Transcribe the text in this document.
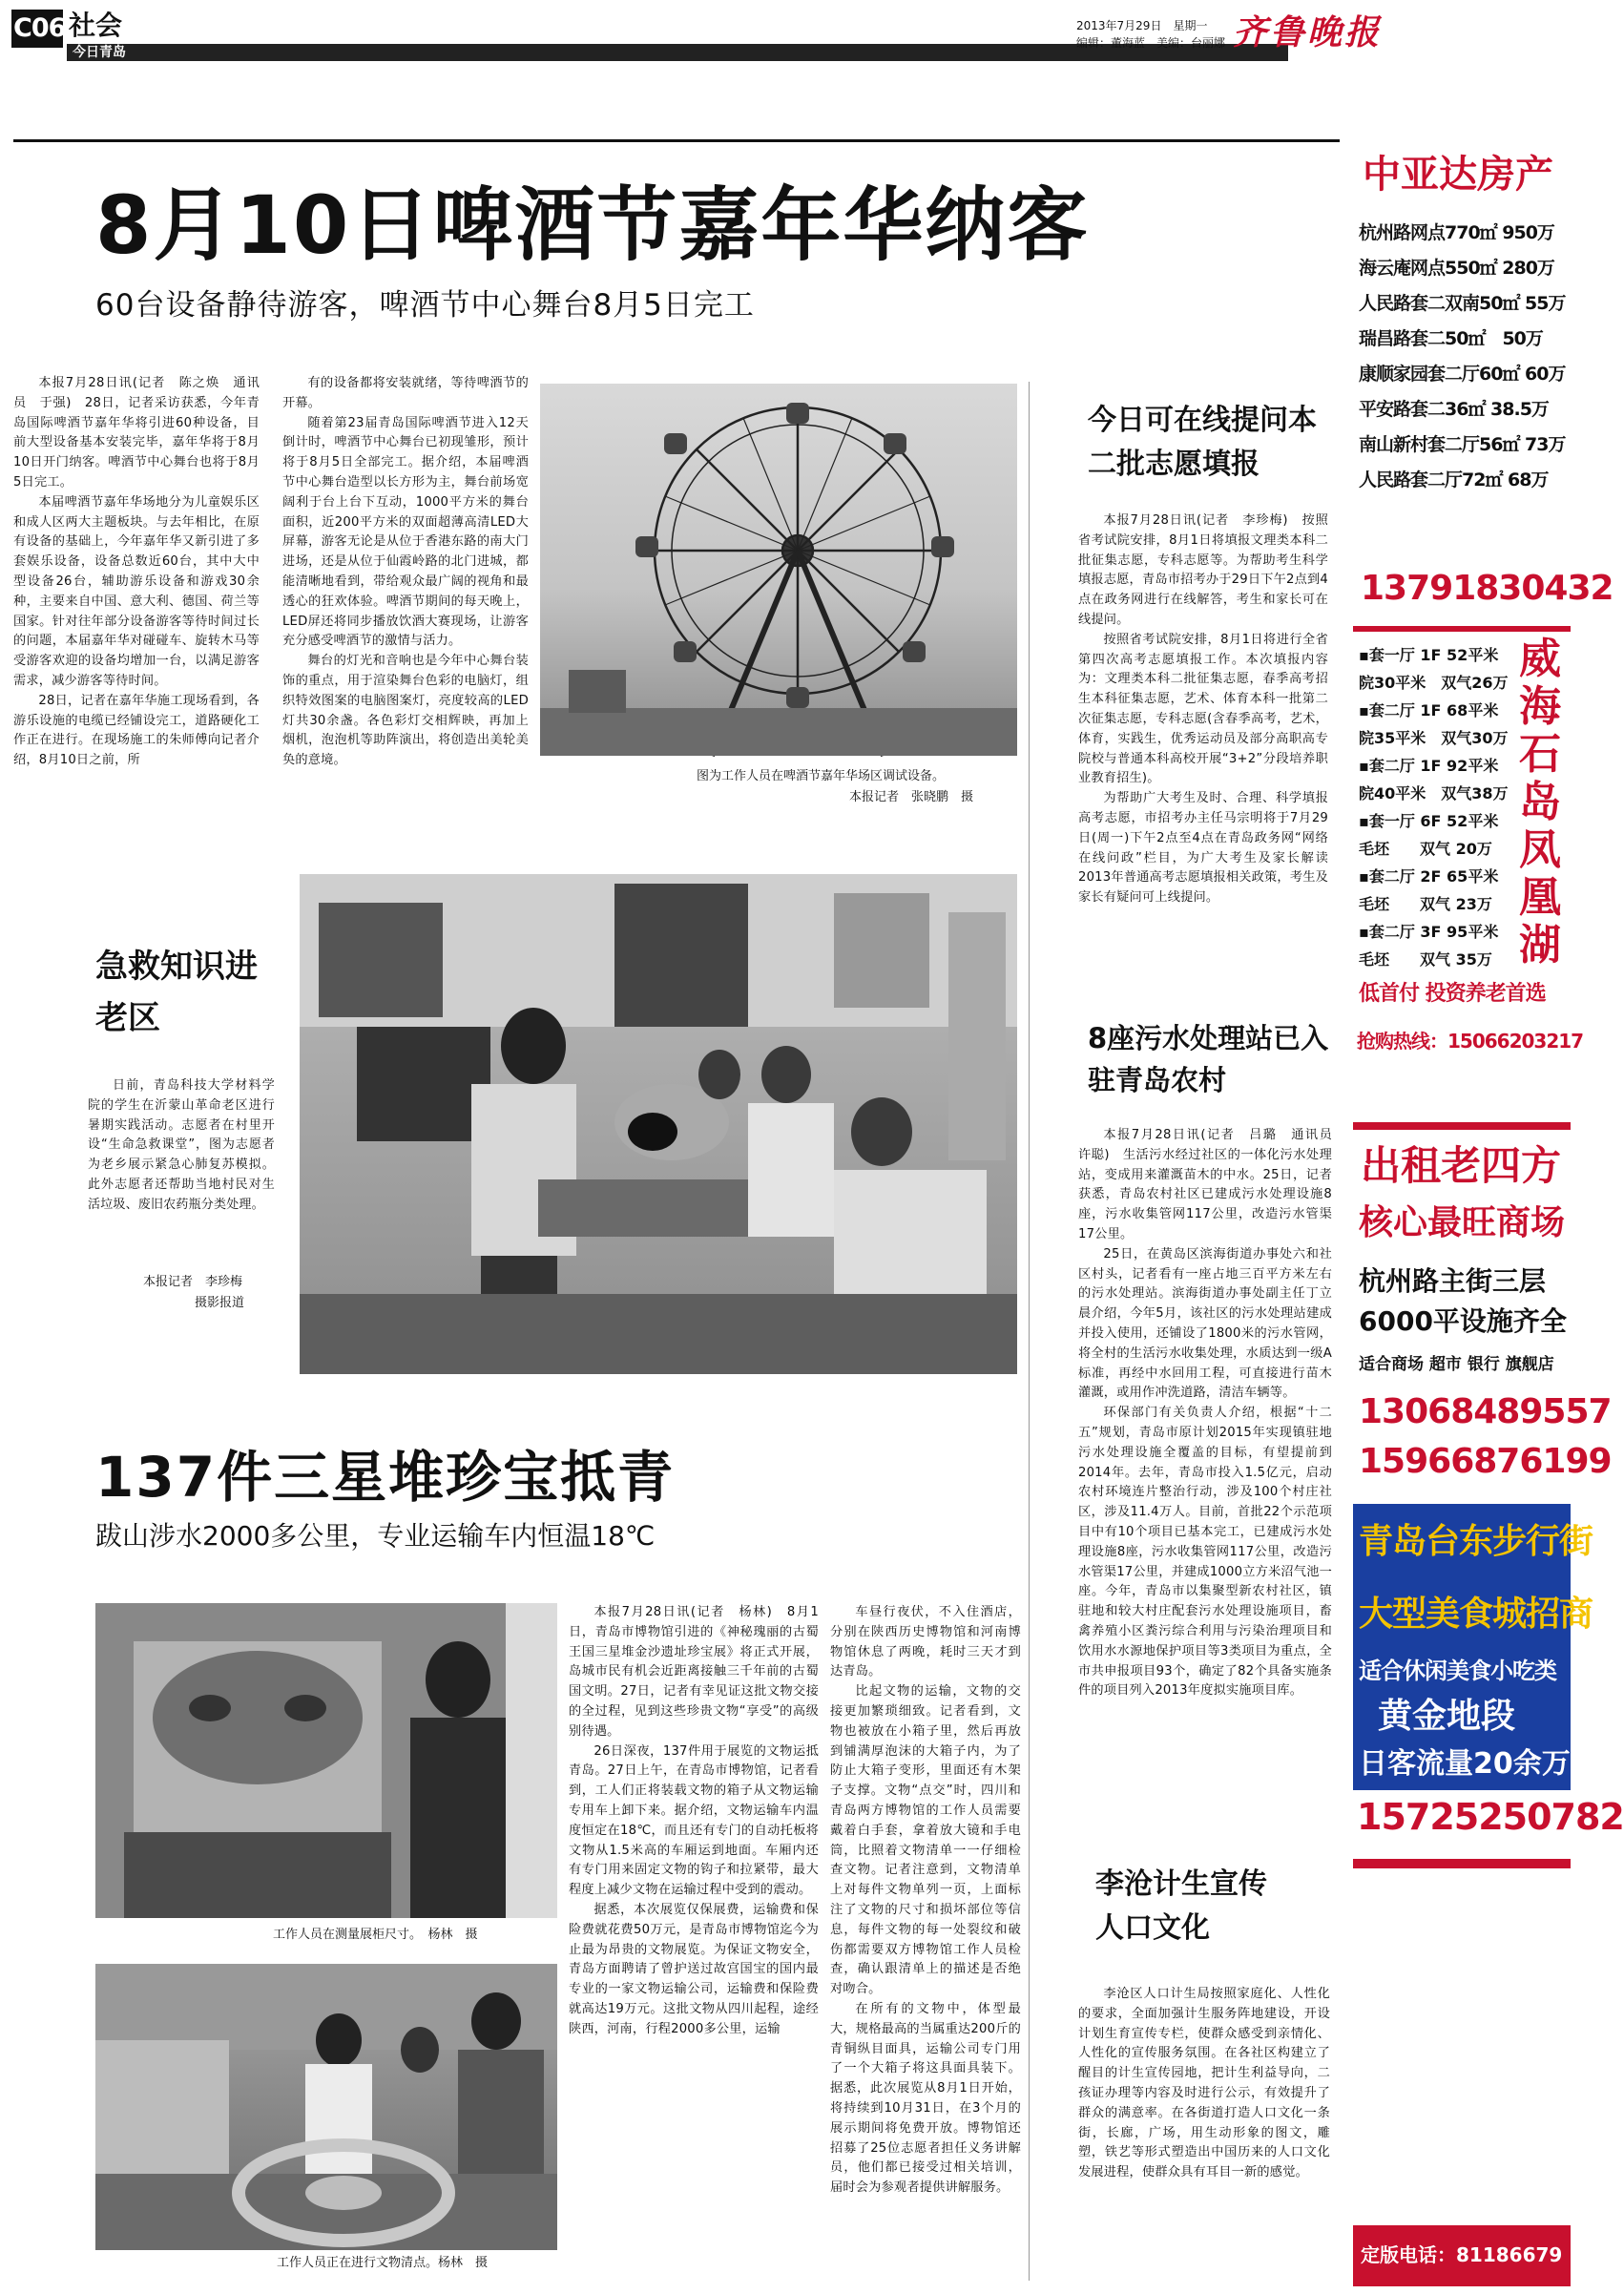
C06 社会
今日青岛
2013年7月29日　星期一
编辑：董海蓝　美编：台丽娜 齐鲁晚报
8月10日啤酒节嘉年华纳客
60台设备静待游客，啤酒节中心舞台8月5日完工

本报7月28日讯(记者　陈之焕　通讯员　于强)　28日，记者采访获悉，今年青岛国际啤酒节嘉年华将引进60种设备，目前大型设备基本安装完毕，嘉年华将于8月10日开门纳客。啤酒节中心舞台也将于8月5日完工。

本届啤酒节嘉年华场地分为儿童娱乐区和成人区两大主题板块。与去年相比，在原有设备的基础上，今年嘉年华又新引进了多套娱乐设备，设备总数近60台，其中大中型设备26台，辅助游乐设备和游戏30余种，主要来自中国、意大利、德国、荷兰等国家。针对往年部分设备游客等待时间过长的问题，本届嘉年华对碰碰车、旋转木马等受游客欢迎的设备均增加一台，以满足游客需求，减少游客等待时间。

28日，记者在嘉年华施工现场看到，各游乐设施的电缆已经铺设完工，道路硬化工作正在进行。在现场施工的朱师傅向记者介绍，8月10日之前，所

有的设备都将安装就绪，等待啤酒节的开幕。

随着第23届青岛国际啤酒节进入12天倒计时，啤酒节中心舞台已初现雏形，预计将于8月5日全部完工。据介绍，本届啤酒节中心舞台造型以长方形为主，舞台前场宽阔利于台上台下互动，1000平方米的舞台面积，近200平方米的双面超薄高清LED大屏幕，游客无论是从位于香港东路的南大门进场，还是从位于仙霞岭路的北门进城，都能清晰地看到，带给观众最广阔的视角和最透心的狂欢体验。啤酒节期间的每天晚上，LED屏还将同步播放饮酒大赛现场，让游客充分感受啤酒节的激情与活力。

舞台的灯光和音响也是今年中心舞台装饰的重点，用于渲染舞台色彩的电脑灯，组织特效图案的电脑图案灯，亮度较高的LED灯共30余盏。各色彩灯交相辉映，再加上烟机，泡泡机等助阵演出，将创造出美轮美奂的意境。

图为工作人员在啤酒节嘉年华场区调试设备。
本报记者　张晓鹏　摄
今日可在线提问本二批志愿填报

本报7月28日讯(记者　李珍梅)　按照省考试院安排，8月1日将填报文理类本科二批征集志愿，专科志愿等。为帮助考生科学填报志愿，青岛市招考办于29日下午2点到4点在政务网进行在线解答，考生和家长可在线提问。

按照省考试院安排，8月1日将进行全省第四次高考志愿填报工作。本次填报内容为：文理类本科二批征集志愿，春季高考招生本科征集志愿，艺术、体育本科一批第二次征集志愿，专科志愿(含春季高考，艺术，体育，实践生，优秀运动员及部分高职高专院校与普通本科高校开展“3+2”分段培养职业教育招生)。

为帮助广大考生及时、合理、科学填报高考志愿，市招考办主任马宗明将于7月29日(周一)下午2点至4点在青岛政务网“网络在线问政”栏目，为广大考生及家长解读2013年普通高考志愿填报相关政策，考生及家长有疑问可上线提问。

8座污水处理站已入驻青岛农村

本报7月28日讯(记者　吕璐　通讯员　许聪)　生活污水经过社区的一体化污水处理站，变成用来灌溉苗木的中水。25日，记者获悉，青岛农村社区已建成污水处理设施8座，污水收集管网117公里，改造污水管渠17公里。

25日，在黄岛区滨海街道办事处六和社区村头，记者看有一座占地三百平方米左右的污水处理站。滨海街道办事处副主任丁立晨介绍，今年5月，该社区的污水处理站建成并投入使用，还铺设了1800米的污水管网，将全村的生活污水收集处理，水质达到一级A标准，再经中水回用工程，可直接进行苗木灌溉，或用作冲洗道路，清洁车辆等。

环保部门有关负责人介绍，根据“十二五”规划，青岛市原计划2015年实现镇驻地污水处理设施全覆盖的目标，有望提前到2014年。去年，青岛市投入1.5亿元，启动农村环境连片整治行动，涉及100个村庄社区，涉及11.4万人。目前，首批22个示范项目中有10个项目已基本完工，已建成污水处理设施8座，污水收集管网117公里，改造污水管渠17公里，并建成1000立方米沼气池一座。今年，青岛市以集聚型新农村社区，镇驻地和较大村庄配套污水处理设施项目，畜禽养殖小区粪污综合利用与污染治理项目和饮用水水源地保护项目等3类项目为重点，全市共申报项目93个，确定了82个具备实施条件的项目列入2013年度拟实施项目库。

李沧计生宣传人口文化

李沧区人口计生局按照家庭化、人性化的要求，全面加强计生服务阵地建设，开设计划生育宣传专栏，使群众感受到亲情化、人性化的宣传服务氛围。在各社区构建立了醒目的计生宣传园地，把计生利益导向，二孩证办理等内容及时进行公示，有效提升了群众的满意率。在各街道打造人口文化一条街，长廊，广场，用生动形象的图文，雕塑，铁艺等形式塑造出中国历来的人口文化发展进程，使群众具有耳目一新的感觉。

急救知识进老区

日前，青岛科技大学材料学院的学生在沂蒙山革命老区进行暑期实践活动。志愿者在村里开设“生命急救课堂”，图为志愿者为老乡展示紧急心肺复苏模拟。此外志愿者还帮助当地村民对生活垃圾、废旧农药瓶分类处理。

本报记者　李珍梅
摄影报道
137件三星堆珍宝抵青
跋山涉水2000多公里，专业运输车内恒温18℃
工作人员在测量展柜尺寸。　杨林　摄
工作人员正在进行文物清点。杨林　摄

本报7月28日讯(记者　杨林)　8月1日，青岛市博物馆引进的《神秘瑰丽的古蜀王国三星堆金沙遗址珍宝展》将正式开展，岛城市民有机会近距离接触三千年前的古蜀国文明。27日，记者有幸见证这批文物交接的全过程，见到这些珍贵文物“享受”的高级别待遇。

26日深夜，137件用于展览的文物运抵青岛。27日上午，在青岛市博物馆，记者看到，工人们正将装载文物的箱子从文物运输专用车上卸下来。据介绍，文物运输车内温度恒定在18℃，而且还有专门的自动托板将文物从1.5米高的车厢运到地面。车厢内还有专门用来固定文物的钩子和拉紧带，最大程度上减少文物在运输过程中受到的震动。

据悉，本次展览仅保展费，运输费和保险费就花费50万元，是青岛市博物馆迄今为止最为昂贵的文物展览。为保证文物安全，青岛方面聘请了曾护送过故宫国宝的国内最专业的一家文物运输公司，运输费和保险费就高达19万元。这批文物从四川起程，途经陕西，河南，行程2000多公里，运输

车昼行夜伏，不入住酒店，分别在陕西历史博物馆和河南博物馆休息了两晚，耗时三天才到达青岛。

比起文物的运输，文物的交接更加繁琐细致。记者看到，文物也被放在小箱子里，然后再放到铺满厚泡沫的大箱子内，为了防止大箱子变形，里面还有木架子支撑。文物“点交”时，四川和青岛两方博物馆的工作人员需要戴着白手套，拿着放大镜和手电筒，比照着文物清单一一仔细检查文物。记者注意到，文物清单上对每件文物单列一页，上面标注了文物的尺寸和损坏部位等信息，每件文物的每一处裂纹和破伤都需要双方博物馆工作人员检查，确认跟清单上的描述是否绝对吻合。

在所有的文物中，体型最大，规格最高的当属重达200斤的青铜纵目面具，运输公司专门用了一个大箱子将这具面具装下。据悉，此次展览从8月1日开始，将持续到10月31日，在3个月的展示期间将免费开放。博物馆还招募了25位志愿者担任义务讲解员，他们都已接受过相关培训，届时会为参观者提供讲解服务。

中亚达房产
杭州路网点770㎡ 950万
海云庵网点550㎡ 280万
人民路套二双南50㎡ 55万
瑞昌路套二50㎡　50万
康顺家园套二厅60㎡ 60万
平安路套二36㎡ 38.5万
南山新村套二厅56㎡ 73万
人民路套二厅72㎡ 68万
13791830432
▪套一厅 1F 52平米
院30平米　双气26万
▪套二厅 1F 68平米
院35平米　双气30万
▪套二厅 1F 92平米
院40平米　双气38万
▪套一厅 6F 52平米
毛坯　　双气 20万
▪套二厅 2F 65平米
毛坯　　双气 23万
▪套二厅 3F 95平米
毛坯　　双气 35万
威
海
石
岛
凤
凰
湖
低首付 投资养老首选
抢购热线：15066203217
出租老四方
核心最旺商场
杭州路主街三层
6000平设施齐全
适合商场 超市 银行 旗舰店
13068489557
15966876199
青岛台东步行街
大型美食城招商
适合休闲美食小吃类
黄金地段
日客流量20余万
15725250782
定版电话：81186679
